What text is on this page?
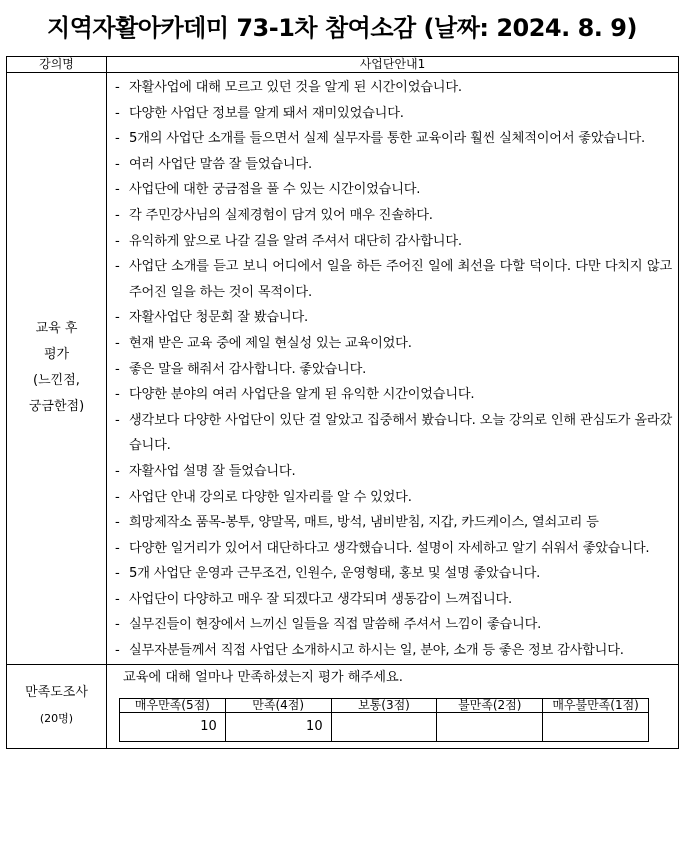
지역자활아카데미 73-1차 참여소감 (날짜: 2024. 8. 9)
강의명	사업단안내1

교육 후
평가
(느낀점,
궁금한점)

- 자활사업에 대해 모르고 있던 것을 알게 된 시간이었습니다.
- 다양한 사업단 정보를 알게 돼서 재미있었습니다.
- 5개의 사업단 소개를 들으면서 실제 실무자를 통한 교육이라 훨씬 실체적이어서 좋았습니다.
- 여러 사업단 말씀 잘 들었습니다.
- 사업단에 대한 궁금점을 풀 수 있는 시간이었습니다.
- 각 주민강사님의 실제경험이 담겨 있어 매우 진솔하다.
- 유익하게 앞으로 나갈 길을 알려 주셔서 대단히 감사합니다.
- 사업단 소개를 듣고 보니 어디에서 일을 하든 주어진 일에 최선을 다할 덕이다. 다만 다치지 않고 주어진 일을 하는 것이 목적이다.
- 자활사업단 청문회 잘 봤습니다.
- 현재 받은 교육 중에 제일 현실성 있는 교육이었다.
- 좋은 말을 해줘서 감사합니다. 좋았습니다.
- 다양한 분야의 여러 사업단을 알게 된 유익한 시간이었습니다.
- 생각보다 다양한 사업단이 있단 걸 알았고 집중해서 봤습니다. 오늘 강의로 인해 관심도가 올라갔습니다.
- 자활사업 설명 잘 들었습니다.
- 사업단 안내 강의로 다양한 일자리를 알 수 있었다.
- 희망제작소 품목-봉투, 양말목, 매트, 방석, 냄비받침, 지갑, 카드케이스, 열쇠고리 등
- 다양한 일거리가 있어서 대단하다고 생각했습니다. 설명이 자세하고 알기 쉬워서 좋았습니다.
- 5개 사업단 운영과 근무조건, 인원수, 운영형태, 홍보 및 설명 좋았습니다.
- 사업단이 다양하고 매우 잘 되겠다고 생각되며 생동감이 느껴집니다.
- 실무진들이 현장에서 느끼신 일들을 직접 말씀해 주셔서 느낌이 좋습니다.
- 실무자분들께서 직접 사업단 소개하시고 하시는 일, 분야, 소개 등 좋은 정보 감사합니다.

만족도조사
(20명)

교육에 대해 얼마나 만족하셨는지 평가 해주세요.
매우만족(5점)	만족(4점)	보통(3점)	불만족(2점)	매우불만족(1점)
10	10			
